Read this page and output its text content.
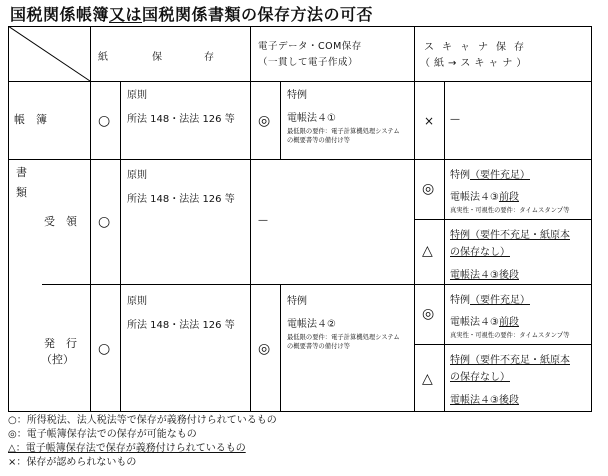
国税関係帳簿又は国税関係書類の保存方法の可否
紙	保	存
電子データ・COM保存
（一貫して電子作成）
スキャナ保存
（紙→スキャナ）
帳　簿
書
類
受　領
発　行
（控）
○
原則
所法 148・法法 126 等 ◎
特例
電帳法４①
最低限の要件：電子計算機処理システム
の概要書等の備付け等
× —
○
原則
所法 148・法法 126 等
—
◎
特例（要件充足）
電帳法４③前段
真実性・可視性の要件：タイムスタンプ等
△
特例（要件不充足・紙原本
の保存なし）
電帳法４③後段
○
原則
所法 148・法法 126 等
◎
特例
電帳法４②
最低限の要件：電子計算機処理システム
の概要書等の備付け等
◎
特例（要件充足）
電帳法４③前段
真実性・可視性の要件：タイムスタンプ等
△
特例（要件不充足・紙原本
の保存なし）
電帳法４③後段
○：所得税法、法人税法等で保存が義務付けられているもの
◎：電子帳簿保存法での保存が可能なもの
△：電子帳簿保存法で保存が義務付けられているもの
×：保存が認められないもの
